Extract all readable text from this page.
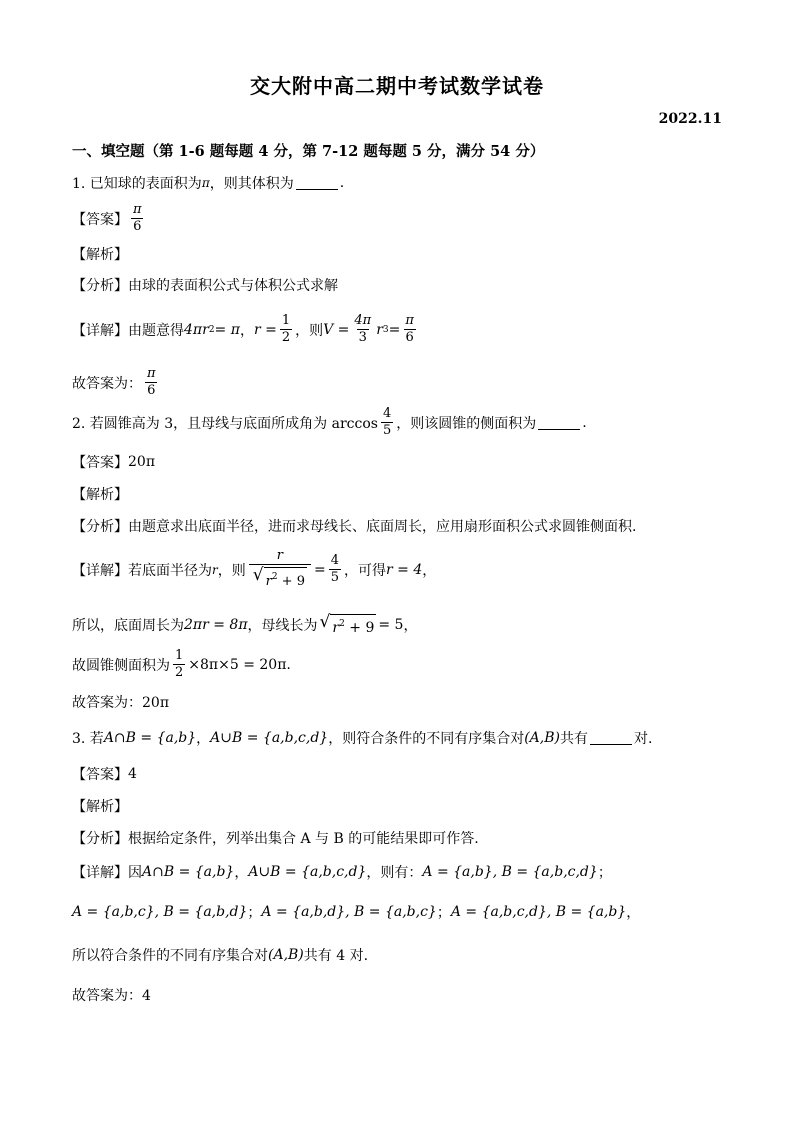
交大附中高二期中考试数学试卷
2022.11
一、填空题（第 1-6 题每题 4 分，第 7-12 题每题 5 分，满分 54 分）
1. 已知球的表面积为 π ，则其体积为	.
【答案】 $\frac{\pi}{6}$
【解析】
【分析】 由球的表面积公式与体积公式求解
【详解】 由题意得 4πr 2 = π ， $r = \frac{1}{2}$ ，则 $V = \frac{4\pi}{3}$ r $3 = \frac{\pi}{6}$
故答案为： $\frac{\pi}{6}$
2. 若圆锥高为 3，且母线与底面所成角为 $\arccos \frac{4}{5}$ ，则该圆锥的侧面积为	.
【答案】 20π
【解析】
【分析】 由题意求出底面半径，进而求母线长、底面周长，应用扇形面积公式求圆锥侧面积.
【详解】 若底面半径为 r ，则 $\frac{r}{√ r^2 + 9} = \frac{4}{5}$ ，可得 r = 4 ，
所以，底面周长为 2πr = 8π ，母线长为 √ $r^2 + 9 = 5$ ，
故圆锥侧面积为 $\frac{1}{2} \times 8\pi\times 5 = 20\pi$ .
故答案为：20π
3. 若 A∩B = {a,b} ， A∪B = {a,b,c,d} ，则符合条件的不同有序集合对 (A,B) 共有	对.
【答案】 4
【解析】
【分析】 根据给定条件，列举出集合 A 与 B 的可能结果即可作答.
【详解】 因 A∩B = {a,b} ， A∪B = {a,b,c,d} ，则有： A = {a,b}, B = {a,b,c,d} ；
A = {a,b,c}, B = {a,b,d} ； A = {a,b,d}, B = {a,b,c} ； A = {a,b,c,d}, B = {a,b} ，
所以符合条件的不同有序集合对 (A,B) 共有 4 对.
故答案为：4
